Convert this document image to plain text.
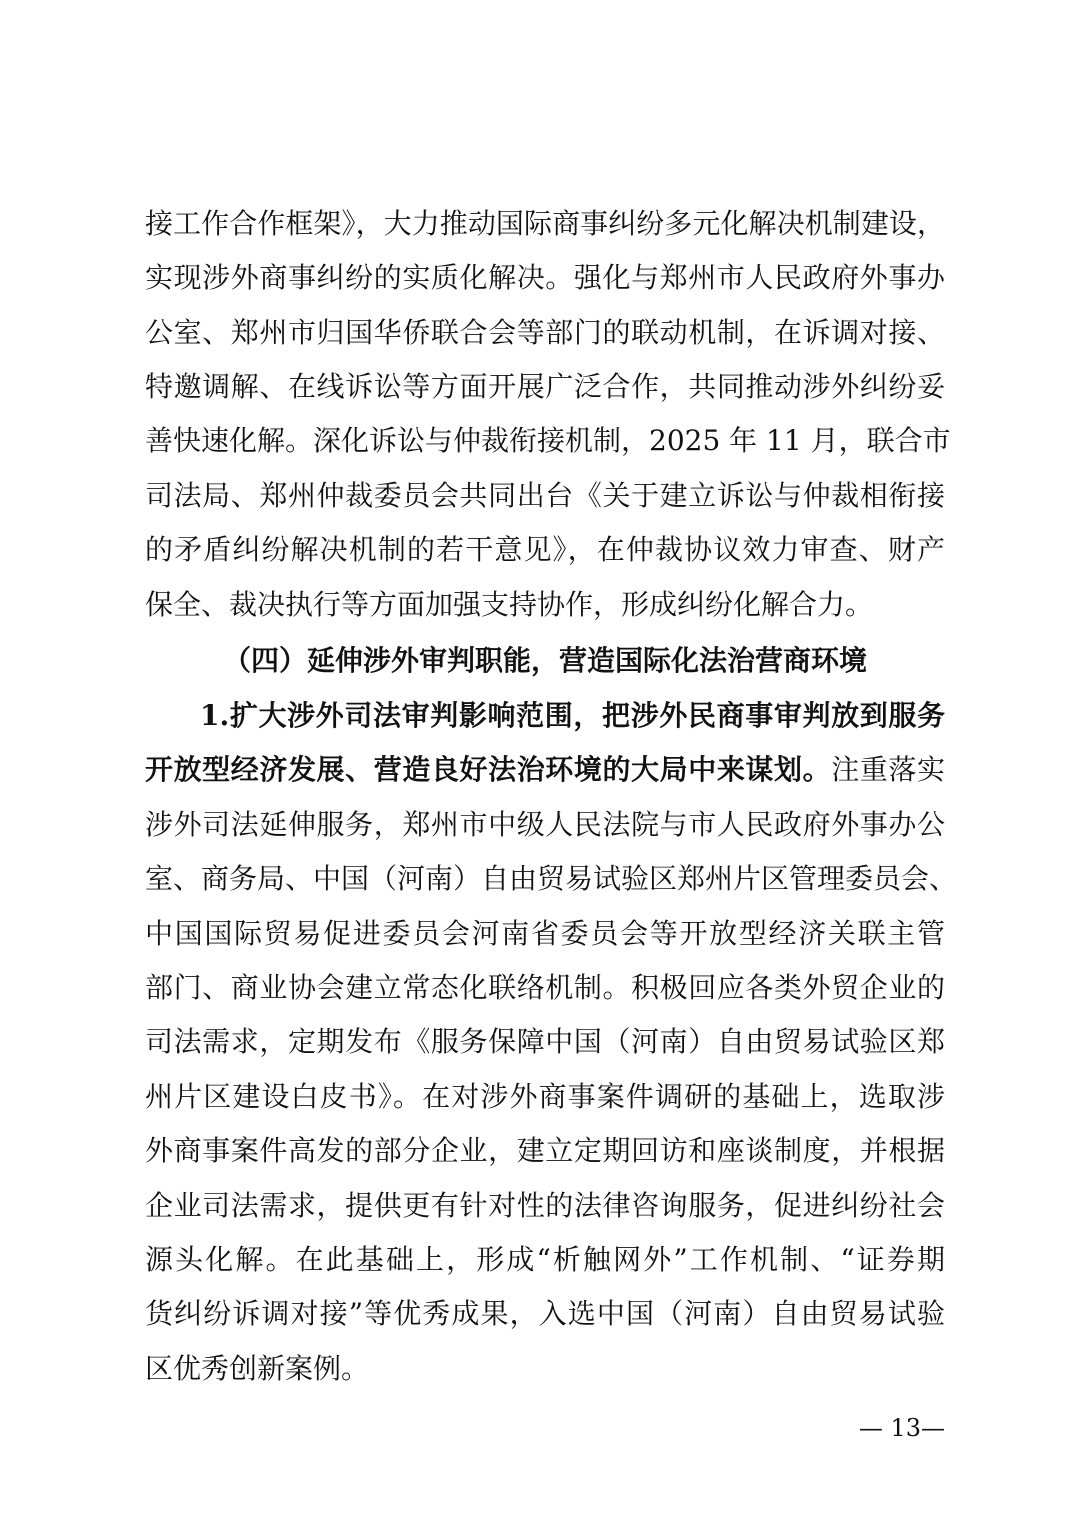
接工作合作框架》，大力推动国际商事纠纷多元化解决机制建设，
实现涉外商事纠纷的实质化解决。强化与郑州市人民政府外事办
公室、郑州市归国华侨联合会等部门的联动机制，在诉调对接、
特邀调解、在线诉讼等方面开展广泛合作，共同推动涉外纠纷妥
善快速化解。深化诉讼与仲裁衔接机制，2025 年 11 月，联合市
司法局、郑州仲裁委员会共同出台《关于建立诉讼与仲裁相衔接
的矛盾纠纷解决机制的若干意见》，在仲裁协议效力审查、财产
保全、裁决执行等方面加强支持协作，形成纠纷化解合力。
（四）延伸涉外审判职能，营造国际化法治营商环境
1.扩大涉外司法审判影响范围，把涉外民商事审判放到服务
开放型经济发展、营造良好法治环境的大局中来谋划。注重落实
涉外司法延伸服务，郑州市中级人民法院与市人民政府外事办公
室、商务局、中国（河南）自由贸易试验区郑州片区管理委员会、
中国国际贸易促进委员会河南省委员会等开放型经济关联主管
部门、商业协会建立常态化联络机制。积极回应各类外贸企业的
司法需求，定期发布《服务保障中国（河南）自由贸易试验区郑
州片区建设白皮书》。在对涉外商事案件调研的基础上，选取涉
外商事案件高发的部分企业，建立定期回访和座谈制度，并根据
企业司法需求，提供更有针对性的法律咨询服务，促进纠纷社会
源头化解。在此基础上，形成“析触网外”工作机制、“证券期
货纠纷诉调对接”等优秀成果，入选中国（河南）自由贸易试验
区优秀创新案例。
— 13—
